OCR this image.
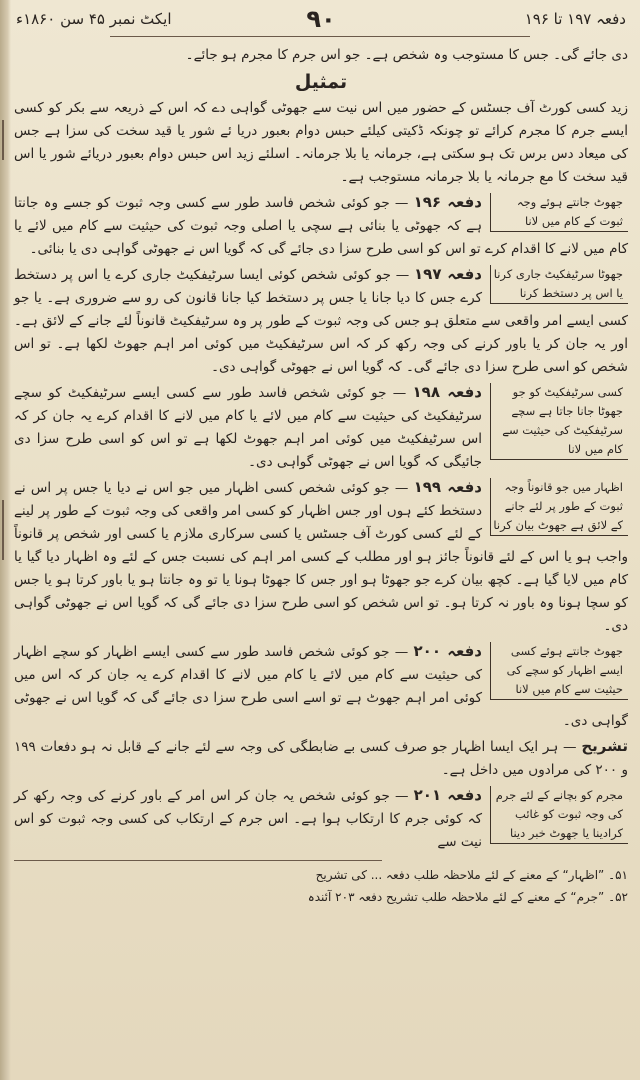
دفعہ ۱۹۷ تا ۱۹۶
۹۰
ایکٹ نمبر ۴۵ سن ۱۸۶۰ء

دی جائے گی۔ جس کا مستوجب وہ شخص ہے۔ جو اس جرم کا مجرم ہو جائے۔

تمثیل

زید کسی کورٹ آف جسٹس کے حضور میں اس نیت سے جھوٹی گواہی دے کہ اس کے ذریعہ سے بکر کو کسی ایسے جرم کا مجرم کرائے تو چونکہ ڈکیتی کیلئے حبس دوام بعبور دریا ئے شور یا قید سخت کی سزا ہے جس کی میعاد دس برس تک ہو سکتی ہے، جرمانہ یا بلا جرمانہ۔ اسلئے زید اس حبس دوام بعبور دریائے شور یا اس قید سخت کا مع جرمانہ یا بلا جرمانہ مستوجب ہے۔

جھوٹ جانتے ہوئے وجہ ثبوت کے کام میں لانا

دفعہ ۱۹۶ — جو کوئی شخص فاسد طور سے کسی وجہ ثبوت کو جسے وہ جانتا ہے کہ جھوٹی یا بنائی ہے سچی یا اصلی وجہ ثبوت کی حیثیت سے کام میں لائے یا کام میں لانے کا اقدام کرے تو اس کو اسی طرح سزا دی جائے گی کہ گویا اس نے جھوٹی گواہی دی یا بنائی۔

جھوٹا سرٹیفکیٹ جاری کرنا یا اس پر دستخط کرنا

دفعہ ۱۹۷ — جو کوئی شخص کوئی ایسا سرٹیفکیٹ جاری کرے یا اس پر دستخط کرے جس کا دیا جانا یا جس پر دستخط کیا جانا قانون کی رو سے ضروری ہے۔ یا جو کسی ایسے امر واقعی سے متعلق ہو جس کی وجہ ثبوت کے طور پر وہ سرٹیفکیٹ قانوناً لئے جانے کے لائق ہے۔ اور یہ جان کر یا باور کرنے کی وجہ رکھ کر کہ اس سرٹیفکیٹ میں کوئی امر اہم جھوٹ لکھا ہے۔ تو اس شخص کو اسی طرح سزا دی جائے گی۔ کہ گویا اس نے جھوٹی گواہی دی۔

کسی سرٹیفکیٹ کو جو جھوٹا جانا جاتا ہے سچے سرٹیفکیٹ کی حیثیت سے کام میں لانا

دفعہ ۱۹۸ — جو کوئی شخص فاسد طور سے کسی ایسے سرٹیفکیٹ کو سچے سرٹیفکیٹ کی حیثیت سے کام میں لائے یا کام میں لانے کا اقدام کرے یہ جان کر کہ اس سرٹیفکیٹ میں کوئی امر اہم جھوٹ لکھا ہے تو اس کو اسی طرح سزا دی جائیگی کہ گویا اس نے جھوٹی گواہی دی۔

اظہار میں جو قانوناً وجہ ثبوت کے طور پر لئے جانے کے لائق ہے جھوٹ بیان کرنا

دفعہ ۱۹۹ — جو کوئی شخص کسی اظہار میں جو اس نے دیا یا جس پر اس نے دستخط کئے ہوں اور جس اظہار کو کسی امر واقعی کی وجہ ثبوت کے طور پر لینے کے لئے کسی کورٹ آف جسٹس یا کسی سرکاری ملازم یا کسی اور شخص پر قانوناً واجب ہو یا اس کے لئے قانوناً جائز ہو اور مطلب کے کسی امر اہم کی نسبت جس کے لئے وہ اظہار دیا گیا یا کام میں لایا گیا ہے۔ کچھ بیان کرے جو جھوٹا ہو اور جس کا جھوٹا ہونا یا تو وہ جانتا ہو یا باور کرتا ہو یا جس کو سچا ہونا وہ باور نہ کرتا ہو۔ تو اس شخص کو اسی طرح سزا دی جائے گی کہ گویا اس نے جھوٹی گواہی دی۔

جھوٹ جانتے ہوئے کسی ایسے اظہار کو سچے کی حیثیت سے کام میں لانا

دفعہ ۲۰۰ — جو کوئی شخص فاسد طور سے کسی ایسے اظہار کو سچے اظہار کی حیثیت سے کام میں لائے یا کام میں لانے کا اقدام کرے یہ جان کر کہ اس میں کوئی امر اہم جھوٹ ہے تو اسے اسی طرح سزا دی جائے گی کہ گویا اس نے جھوٹی گواہی دی۔

تشریح — ہر ایک ایسا اظہار جو صرف کسی بے ضابطگی کی وجہ سے لئے جانے کے قابل نہ ہو دفعات ۱۹۹ و ۲۰۰ کی مرادوں میں داخل ہے۔

مجرم کو بچانے کے لئے جرم کی وجہ ثبوت کو غائب کرادینا یا جھوٹ خبر دینا

دفعہ ۲۰۱ — جو کوئی شخص یہ جان کر اس امر کے باور کرنے کی وجہ رکھ کر کہ کوئی جرم کا ارتکاب ہوا ہے۔ اس جرم کے ارتکاب کی کسی وجہ ثبوت کو اس نیت سے

۵۱۔ ”اظہار“ کے معنے کے لئے ملاحظہ طلب دفعہ ... کی تشریح

۵۲۔ ”جرم“ کے معنے کے لئے ملاحظہ طلب تشریح دفعہ ۲۰۳ آئندہ
